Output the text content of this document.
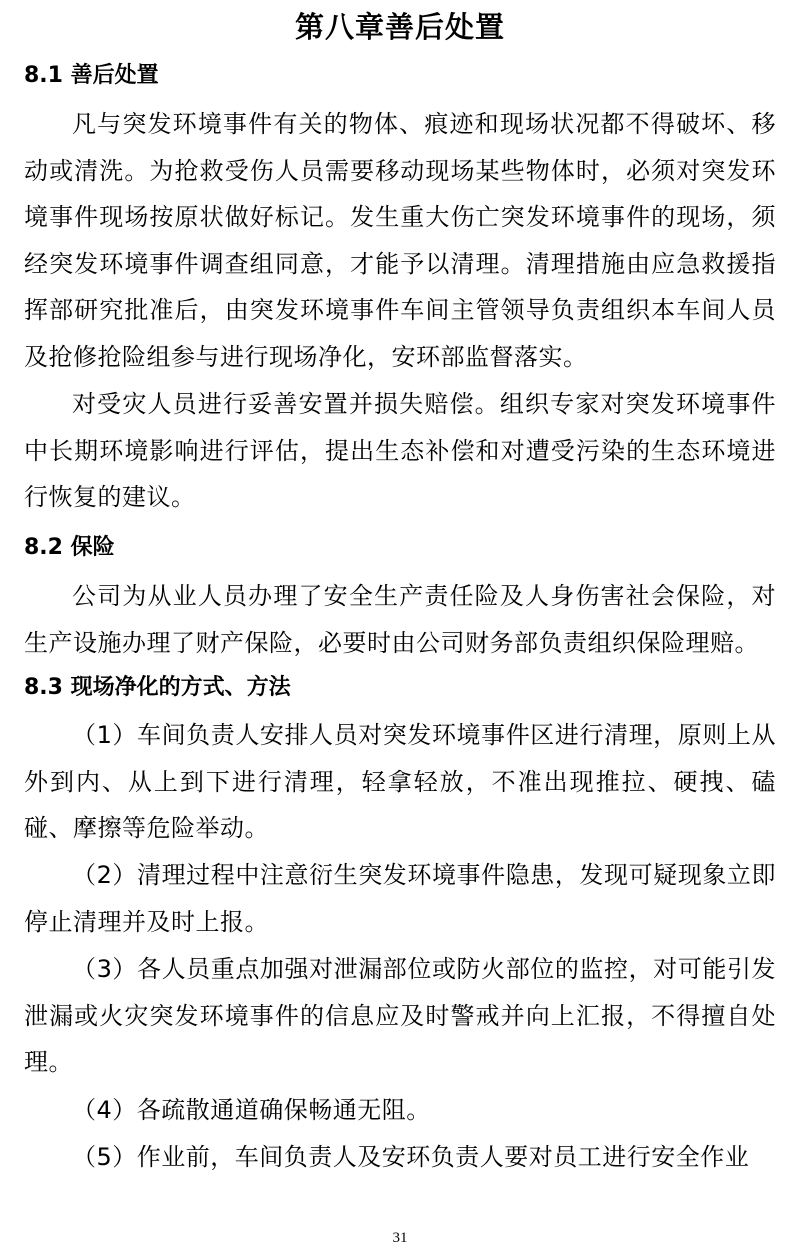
第八章善后处置
8.1 善后处置
凡与突发环境事件有关的物体、痕迹和现场状况都不得破坏、移动或清洗。为抢救受伤人员需要移动现场某些物体时，必须对突发环境事件现场按原状做好标记。发生重大伤亡突发环境事件的现场，须经突发环境事件调查组同意，才能予以清理。清理措施由应急救援指挥部研究批准后，由突发环境事件车间主管领导负责组织本车间人员及抢修抢险组参与进行现场净化，安环部监督落实。
对受灾人员进行妥善安置并损失赔偿。组织专家对突发环境事件中长期环境影响进行评估，提出生态补偿和对遭受污染的生态环境进行恢复的建议。
8.2 保险
公司为从业人员办理了安全生产责任险及人身伤害社会保险，对生产设施办理了财产保险，必要时由公司财务部负责组织保险理赔。
8.3 现场净化的方式、方法
（1）车间负责人安排人员对突发环境事件区进行清理，原则上从外到内、从上到下进行清理，轻拿轻放，不准出现推拉、硬拽、磕碰、摩擦等危险举动。
（2）清理过程中注意衍生突发环境事件隐患，发现可疑现象立即停止清理并及时上报。
（3）各人员重点加强对泄漏部位或防火部位的监控，对可能引发泄漏或火灾突发环境事件的信息应及时警戒并向上汇报，不得擅自处理。
（4）各疏散通道确保畅通无阻。
（5）作业前，车间负责人及安环负责人要对员工进行安全作业
31
